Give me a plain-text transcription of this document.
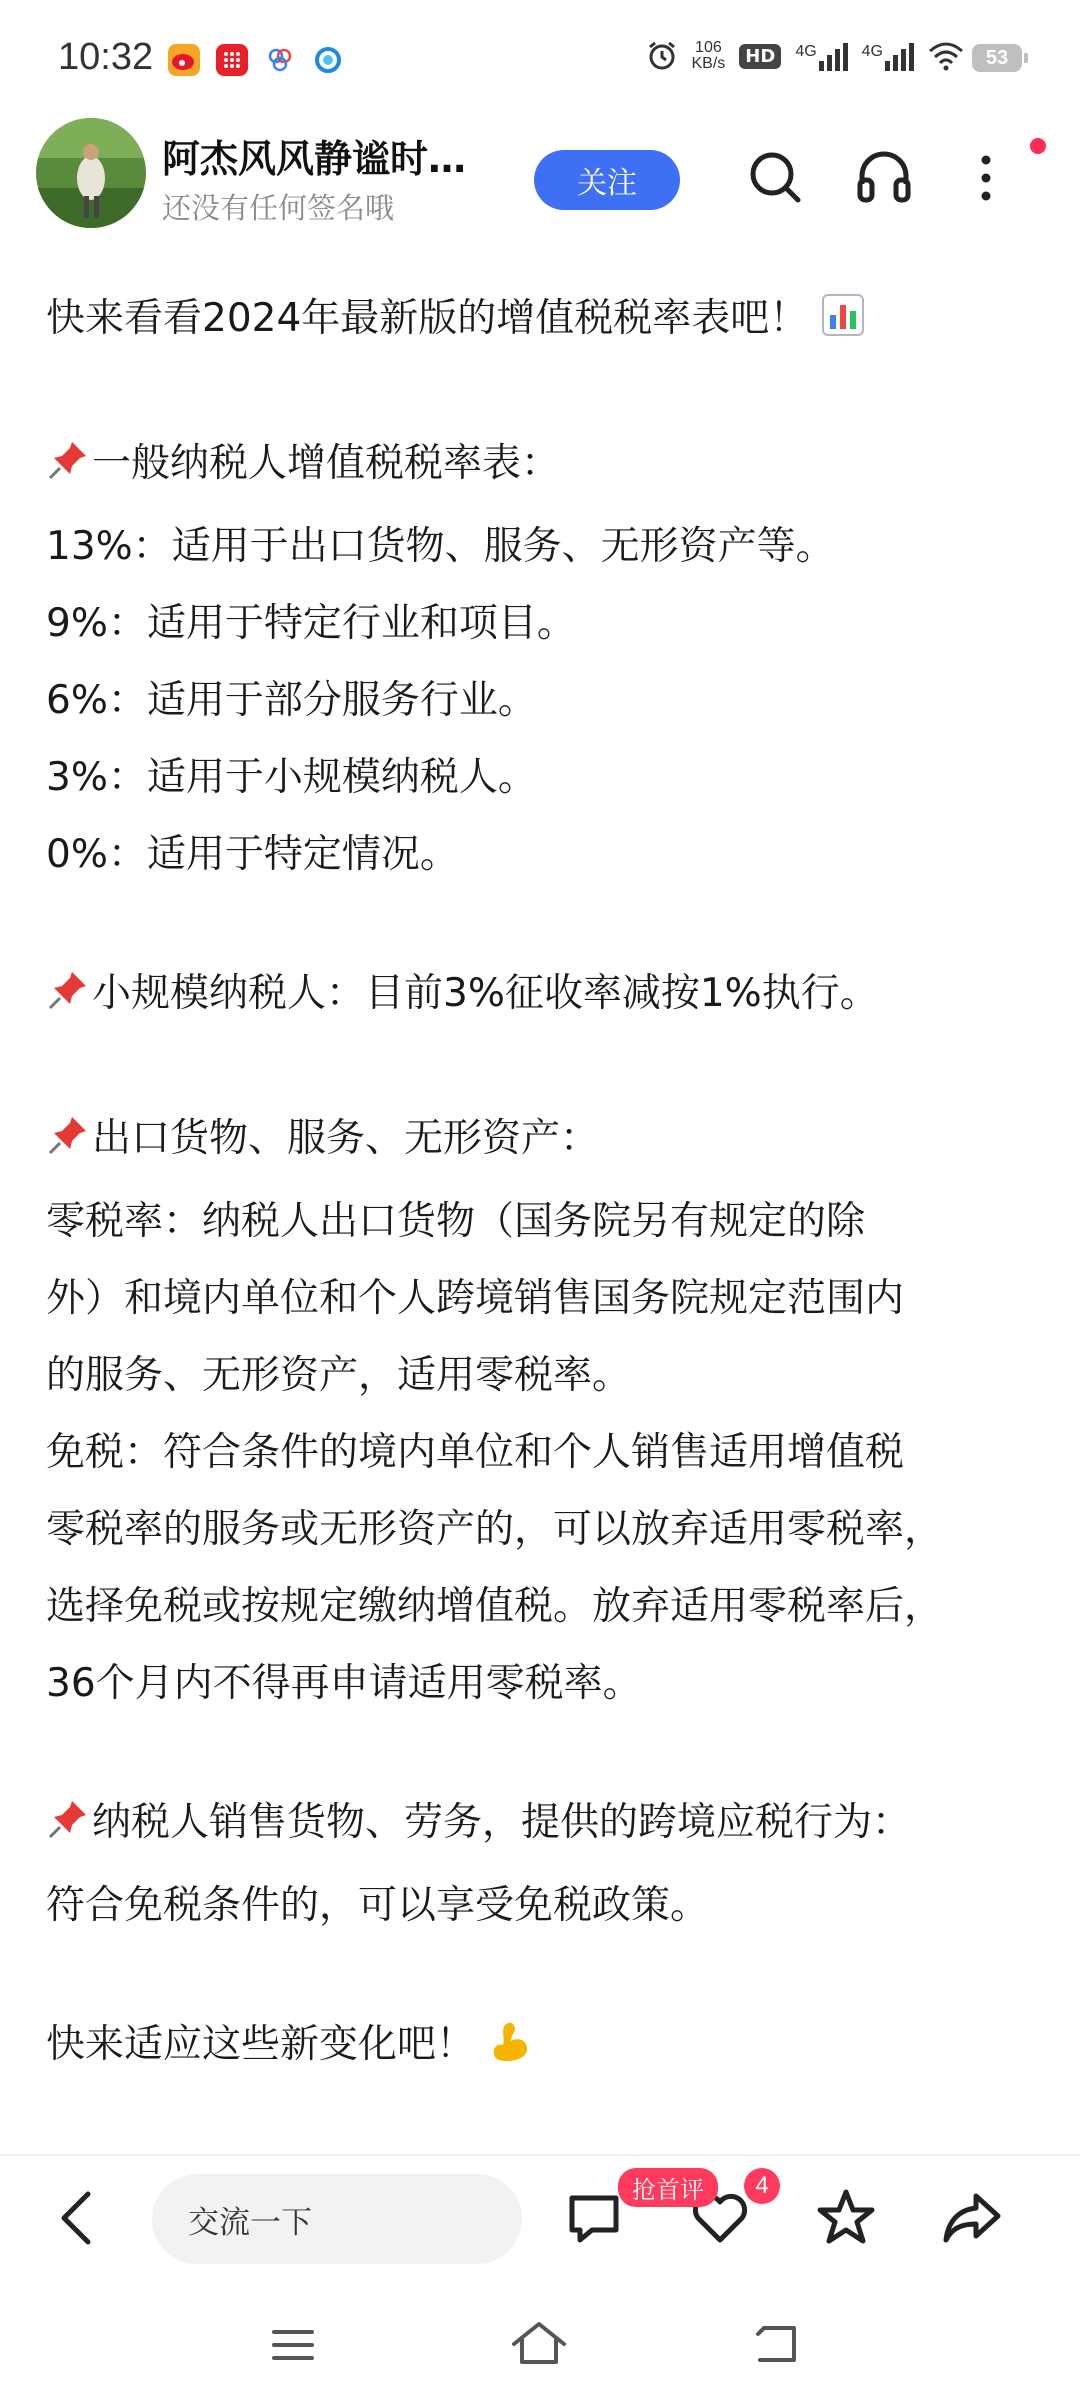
10:32	106
KB/s	HD	4G	4G	53
阿杰风风静谧时…
还没有任何签名哦
关注

快来看看2024年最新版的增值税税率表吧！

一般纳税人增值税税率表：

13%：适用于出口货物、服务、无形资产等。

9%：适用于特定行业和项目。

6%：适用于部分服务行业。

3%：适用于小规模纳税人。

0%：适用于特定情况。

小规模纳税人：目前3%征收率减按1%执行。

出口货物、服务、无形资产：

零税率：纳税人出口货物（国务院另有规定的除
外）和境内单位和个人跨境销售国务院规定范围内
的服务、无形资产，适用零税率。

免税：符合条件的境内单位和个人销售适用增值税
零税率的服务或无形资产的，可以放弃适用零税率，
选择免税或按规定缴纳增值税。放弃适用零税率后，
36个月内不得再申请适用零税率。

纳税人销售货物、劳务，提供的跨境应税行为：
符合免税条件的，可以享受免税政策。

快来适应这些新变化吧！

交流一下
抢首评	4
